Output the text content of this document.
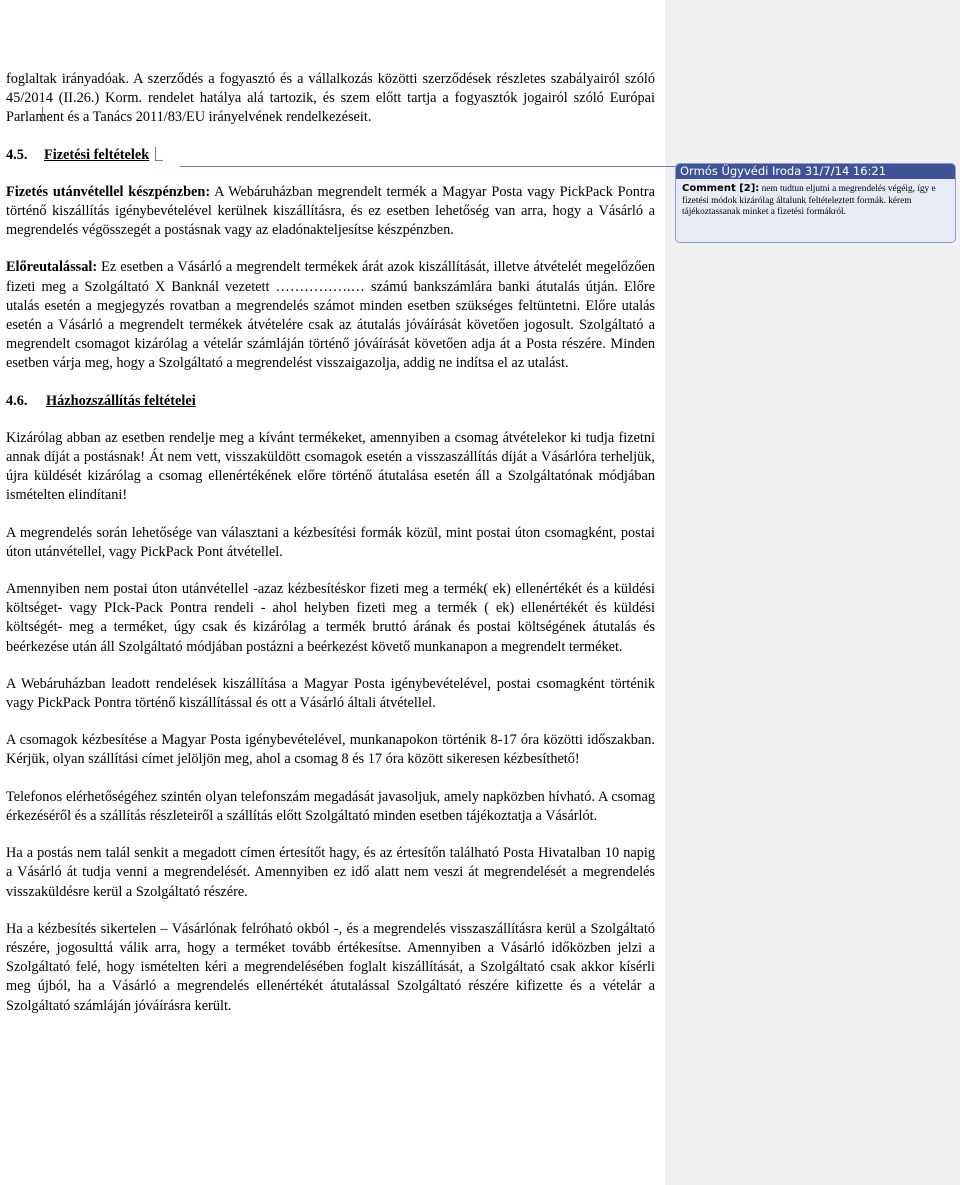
foglaltak irányadóak. A szerződés a fogyasztó és a vállalkozás közötti szerződések részletes szabályairól szóló 45/2014 (II.26.) Korm. rendelet hatálya alá tartozik, és szem előtt tartja a fogyasztók jogairól szóló Európai Parlament és a Tanács 2011/83/EU irányelvének rendelkezéseit.

4.5. Fizetési feltételek

Fizetés utánvétellel készpénzben: A Webáruházban megrendelt termék a Magyar Posta vagy PickPack Pontra történő kiszállítás igénybevételével kerülnek kiszállításra, és ez esetben lehetőség van arra, hogy a Vásárló a megrendelés végösszegét a postásnak vagy az eladónakteljesítse készpénzben.

Előreutalással: Ez esetben a Vásárló a megrendelt termékek árát azok kiszállítását, illetve átvételét megelőzően fizeti meg a Szolgáltató X Banknál vezetett …………….… számú bankszámlára banki átutalás útján. Előre utalás esetén a megjegyzés rovatban a megrendelés számot minden esetben szükséges feltüntetni. Előre utalás esetén a Vásárló a megrendelt termékek átvételére csak az átutalás jóváírását követően jogosult. Szolgáltató a megrendelt csomagot kizárólag a vételár számláján történő jóváírását követően adja át a Posta részére. Minden esetben várja meg, hogy a Szolgáltató a megrendelést visszaigazolja, addig ne indítsa el az utalást.

4.6. Házhozszállítás feltételei

Kizárólag abban az esetben rendelje meg a kívánt termékeket, amennyiben a csomag átvételekor ki tudja fizetni annak díját a postásnak! Át nem vett, visszaküldött csomagok esetén a visszaszállítás díját a Vásárlóra terheljük, újra küldését kizárólag a csomag ellenértékének előre történő átutalása esetén áll a Szolgáltatónak módjában ismételten elindítani!

A megrendelés során lehetősége van választani a kézbesítési formák közül, mint postai úton csomagként, postai úton utánvétellel, vagy PickPack Pont átvétellel.

Amennyiben nem postai úton utánvétellel -azaz kézbesítéskor fizeti meg a termék( ek) ellenértékét és a küldési költséget- vagy PIck-Pack Pontra rendeli - ahol helyben fizeti meg a termék ( ek) ellenértékét és küldési költségét- meg a terméket, úgy csak és kizárólag a termék bruttó árának és postai költségének átutalás és beérkezése után áll Szolgáltató módjában postázni a beérkezést követő munkanapon a megrendelt terméket.

A Webáruházban leadott rendelések kiszállítása a Magyar Posta igénybevételével, postai csomagként történik vagy PickPack Pontra történő kiszállítással és ott a Vásárló általi átvétellel.

A csomagok kézbesítése a Magyar Posta igénybevételével, munkanapokon történik 8-17 óra közötti időszakban. Kérjük, olyan szállítási címet jelöljön meg, ahol a csomag 8 és 17 óra között sikeresen kézbesíthető!

Telefonos elérhetőségéhez szintén olyan telefonszám megadását javasoljuk, amely napközben hívható. A csomag érkezéséről és a szállítás részleteiről a szállítás előtt Szolgáltató minden esetben tájékoztatja a Vásárlót.

Ha a postás nem talál senkit a megadott címen értesítőt hagy, és az értesítőn található Posta Hivatalban 10 napig a Vásárló át tudja venni a megrendelését. Amennyiben ez idő alatt nem veszi át megrendelését a megrendelés visszaküldésre kerül a Szolgáltató részére.

Ha a kézbesítés sikertelen – Vásárlónak felróható okból -, és a megrendelés visszaszállításra kerül a Szolgáltató részére, jogosulttá válik arra, hogy a terméket tovább értékesítse. Amennyiben a Vásárló időközben jelzi a Szolgáltató felé, hogy ismételten kéri a megrendelésében foglalt kiszállítását, a Szolgáltató csak akkor kísérli meg újból, ha a Vásárló a megrendelés ellenértékét átutalással Szolgáltató részére kifizette és a vételár a Szolgáltató számláján jóváírásra került.

Ormós Ügyvédi Iroda 31/7/14 16:21
Comment [2]: nem tudtun eljutni a megrendelés végéig, így e fizetési módok kizárólag általunk feltételeztett formák. kérem tájékoztassanak minket a fizetési formákról.
